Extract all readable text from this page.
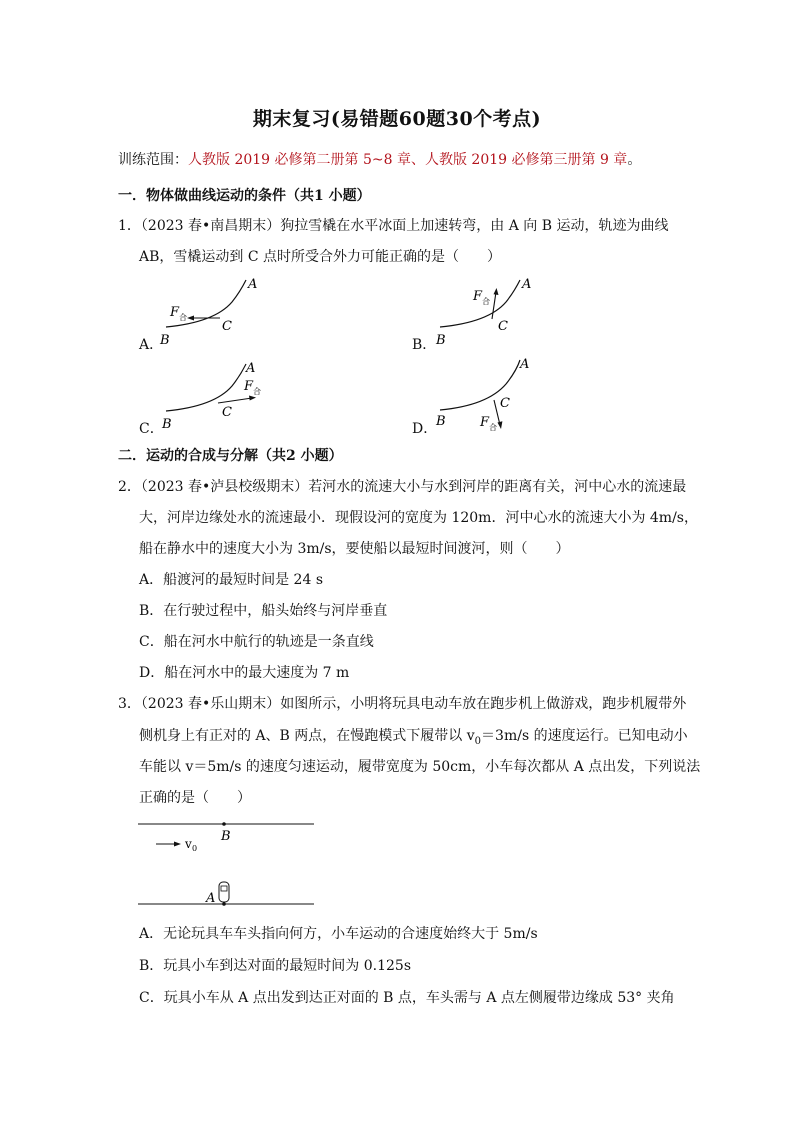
期末复习(易错题60题30个考点)
训练范围：人教版 2019 必修第二册第 5~8 章、人教版 2019 必修第三册第 9 章。
一．物体做曲线运动的条件（共1 小题）
1．（2023 春•南昌期末）狗拉雪橇在水平冰面上加速转弯，由 A 向 B 运动，轨迹为曲线
AB，雪橇运动到 C 点时所受合外力可能正确的是（　　）
A．
A
B
C
F 合
B．
A
B
C
F 合
C．
A
B
C
F 合
D．
A
B
C
F 合
二．运动的合成与分解（共2 小题）
2．（2023 春•泸县校级期末）若河水的流速大小与水到河岸的距离有关，河中心水的流速最
大，河岸边缘处水的流速最小．现假设河的宽度为 120m．河中心水的流速大小为 4m/s，
船在静水中的速度大小为 3m/s，要使船以最短时间渡河，则（　　）
A．船渡河的最短时间是 24 s
B．在行驶过程中，船头始终与河岸垂直
C．船在河水中航行的轨迹是一条直线
D．船在河水中的最大速度为 7 m
3．（2023 春•乐山期末）如图所示，小明将玩具电动车放在跑步机上做游戏，跑步机履带外
侧机身上有正对的 A、B 两点，在慢跑模式下履带以 $v_0=3m/s$ 的速度运行。已知电动小
车能以 v＝5m/s 的速度匀速运动，履带宽度为 50cm，小车每次都从 A 点出发，下列说法
正确的是（　　）
B
v 0
A
A．无论玩具车车头指向何方，小车运动的合速度始终大于 5m/s
B．玩具小车到达对面的最短时间为 0.125s
C．玩具小车从 A 点出发到达正对面的 B 点，车头需与 A 点左侧履带边缘成 53° 夹角
